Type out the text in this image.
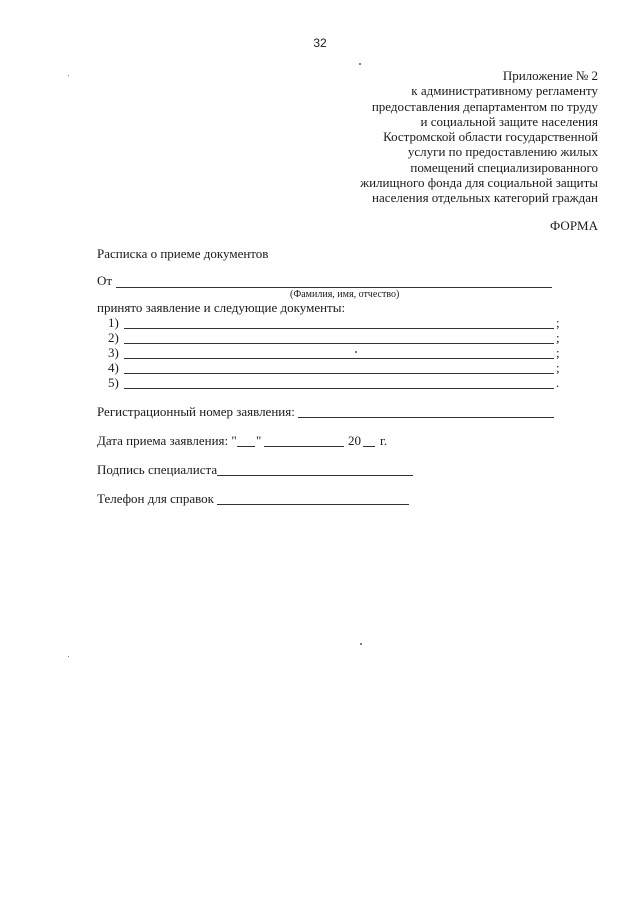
32
Приложение № 2
к административному регламенту
предоставления департаментом по труду
и социальной защите населения
Костромской области государственной
услуги по предоставлению жилых
помещений специализированного
жилищного фонда для социальной защиты
населения отдельных категорий граждан
ФОРМА
Расписка о приеме документов
От
(Фамилия, имя, отчество)
принято заявление и следующие документы:
1)	;
2)	;
3)	;
4)	;
5)	.
Регистрационный номер заявления:
Дата приема заявления: " "	20 г.
Подпись специалиста
Телефон для справок
